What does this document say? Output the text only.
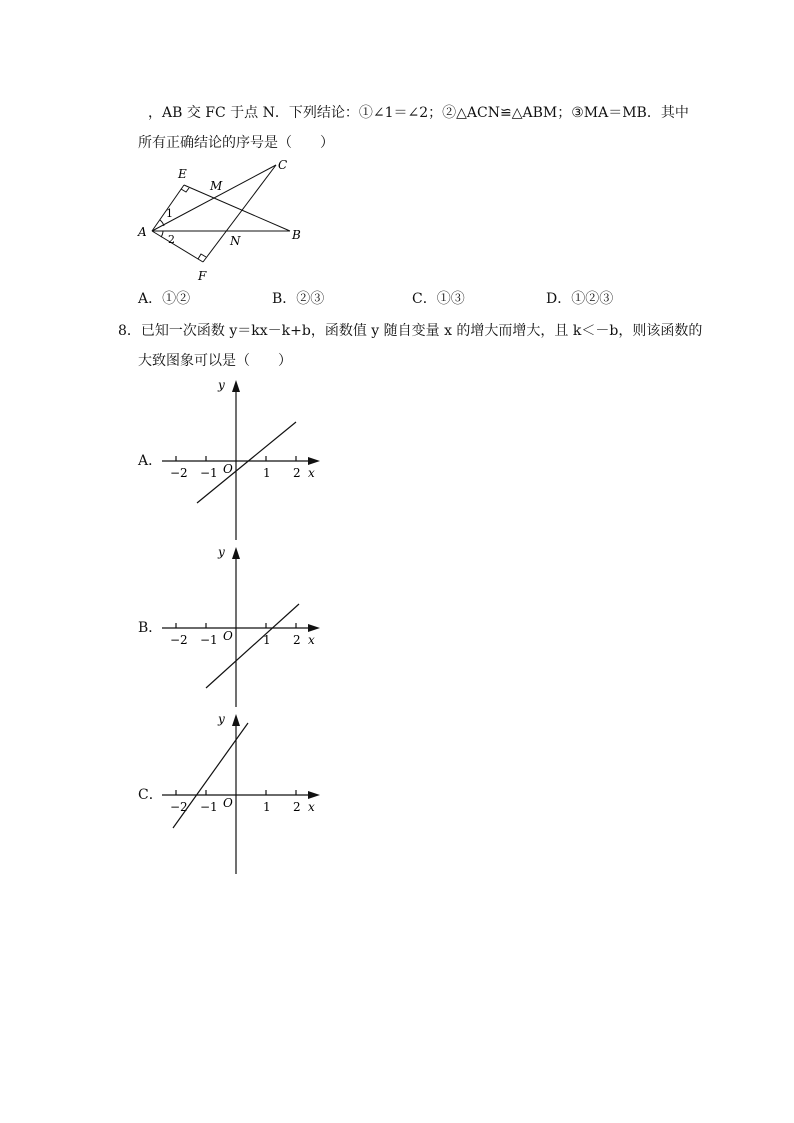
，AB 交 FC 于点 N．下列结论：①∠1＝∠2；②△ACN≌△ABM；③MA＝MB．其中
所有正确结论的序号是（　　）
A	B
C
E
F
M
N
1
2
A．①②	B．②③	C．①③	D．①②③
8．已知一次函数 y＝kx－k+b，函数值 y 随自变量 x 的增大而增大，且 k＜－b，则该函数的
大致图象可以是（　　）
A．
−2 −1	1 2
O	x
y
B．
−2 −1	1 2
O	x
y
C．
−2 −1	1 2
O	x
y
